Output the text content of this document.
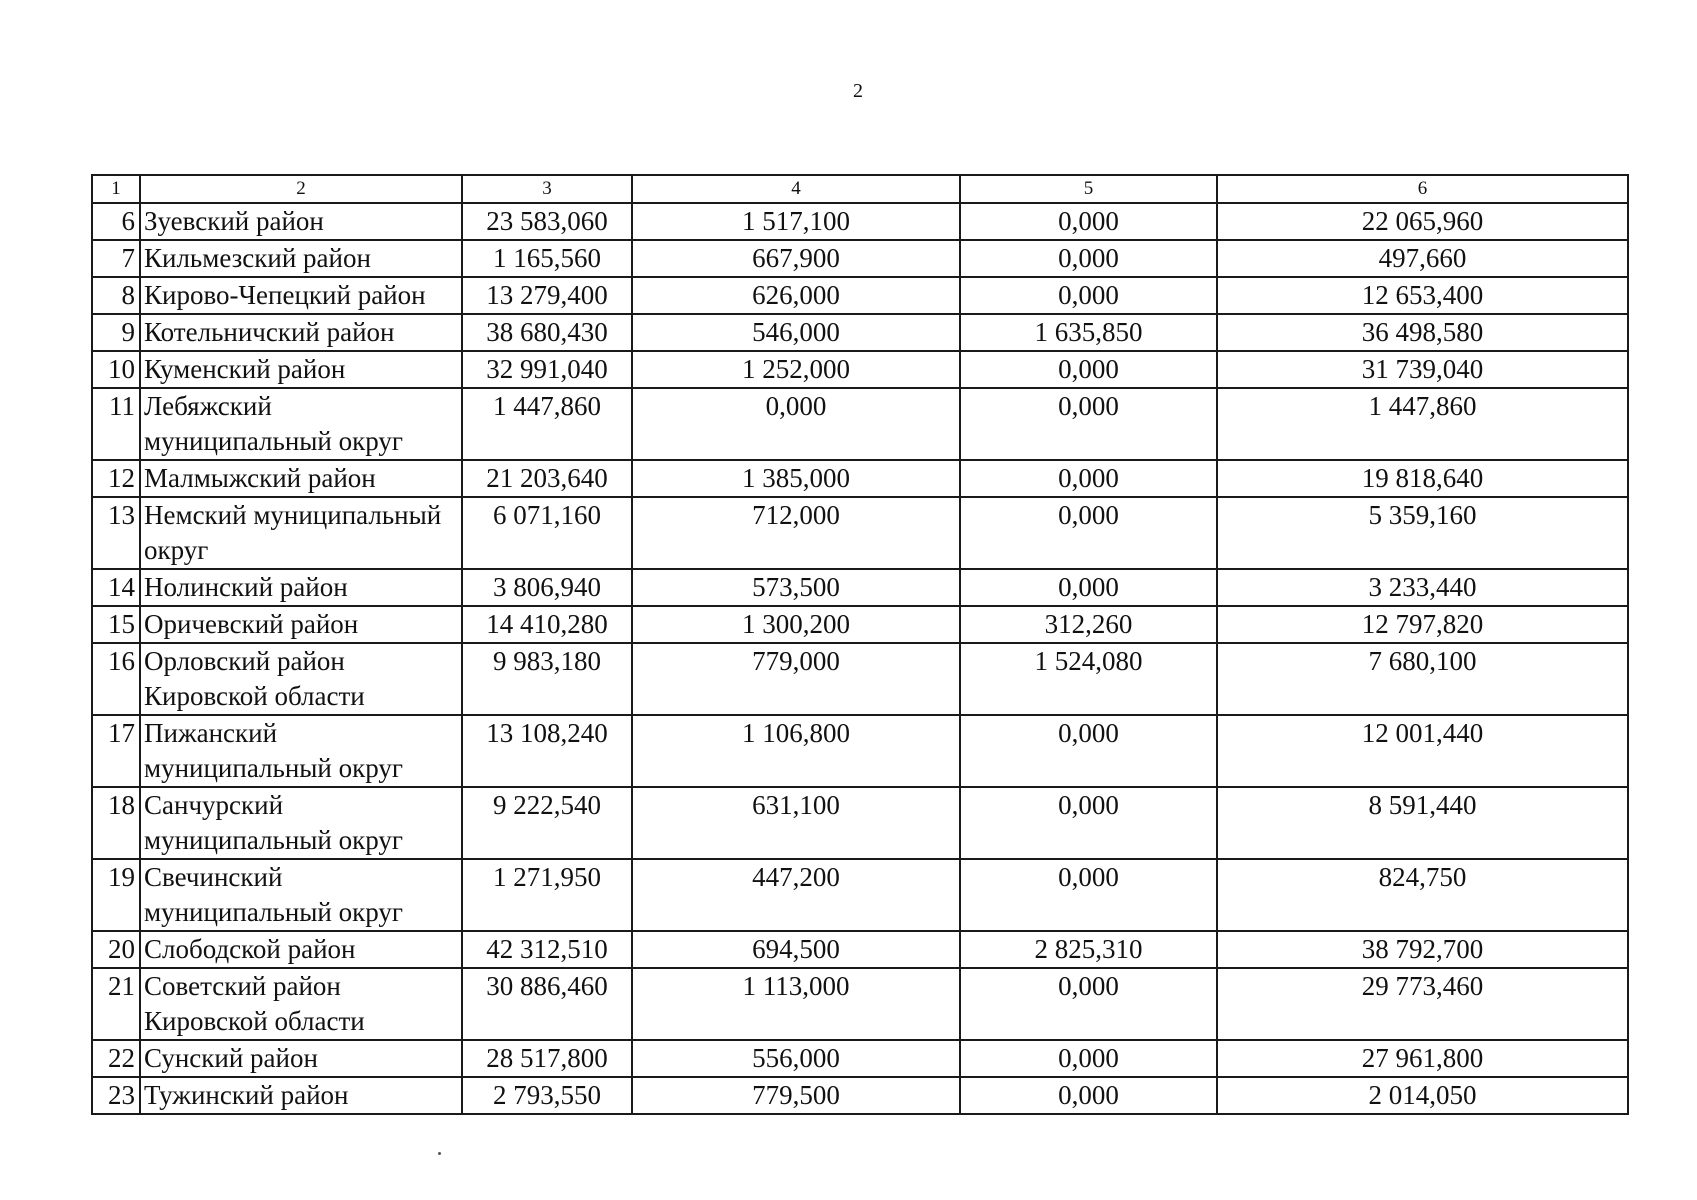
2
1	2	3	4	5	6
6	Зуевский район	23 583,060	1 517,100	0,000	22 065,960
7	Кильмезский район	1 165,560	667,900	0,000	497,660
8	Кирово-Чепецкий район	13 279,400	626,000	0,000	12 653,400
9	Котельничский район	38 680,430	546,000	1 635,850	36 498,580
10	Куменский район	32 991,040	1 252,000	0,000	31 739,040
11	Лебяжский муниципальный округ	1 447,860	0,000	0,000	1 447,860
12	Малмыжский район	21 203,640	1 385,000	0,000	19 818,640
13	Немский муниципальный округ	6 071,160	712,000	0,000	5 359,160
14	Нолинский район	3 806,940	573,500	0,000	3 233,440
15	Оричевский район	14 410,280	1 300,200	312,260	12 797,820
16	Орловский район Кировской области	9 983,180	779,000	1 524,080	7 680,100
17	Пижанский муниципальный округ	13 108,240	1 106,800	0,000	12 001,440
18	Санчурский муниципальный округ	9 222,540	631,100	0,000	8 591,440
19	Свечинский муниципальный округ	1 271,950	447,200	0,000	824,750
20	Слободской район	42 312,510	694,500	2 825,310	38 792,700
21	Советский район Кировской области	30 886,460	1 113,000	0,000	29 773,460
22	Сунский район	28 517,800	556,000	0,000	27 961,800
23	Тужинский район	2 793,550	779,500	0,000	2 014,050
